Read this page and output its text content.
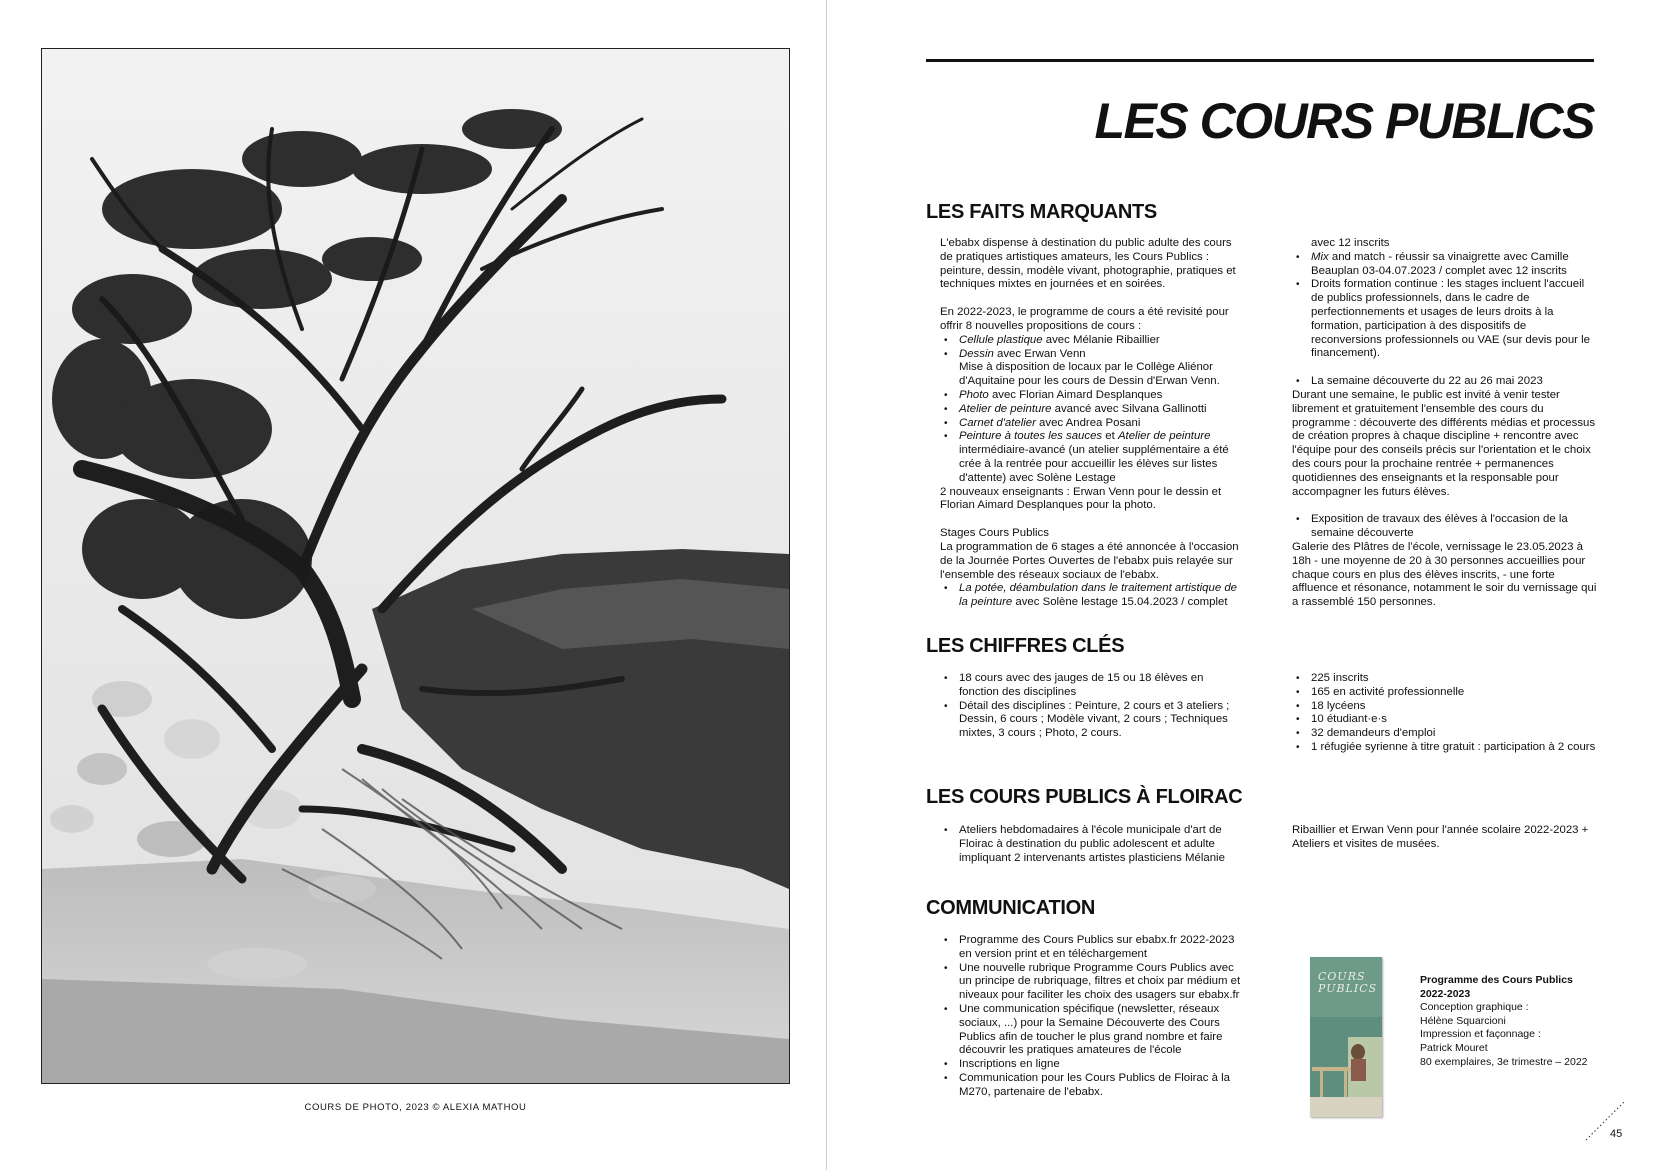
COURS DE PHOTO, 2023 © ALEXIA MATHOU
LES COURS PUBLICS
LES FAITS MARQUANTS

L'ebabx dispense à destination du public adulte des cours de pratiques artistiques amateurs, les Cours Publics : peinture, dessin, modèle vivant, photographie, pratiques et techniques mixtes en journées et en soirées.

En 2022-2023, le programme de cours a été revisité pour offrir 8 nouvelles propositions de cours :

• Cellule plastique avec Mélanie Ribaillier
• Dessin avec Erwan Venn
Mise à disposition de locaux par le Collège Aliénor d'Aquitaine pour les cours de Dessin d'Erwan Venn.
• Photo avec Florian Aimard Desplanques
• Atelier de peinture avancé avec Silvana Gallinotti
• Carnet d'atelier avec Andrea Posani
• Peinture à toutes les sauces et Atelier de peinture intermédiaire-avancé (un atelier supplémentaire a été crée à la rentrée pour accueillir les élèves sur listes d'attente) avec Solène Lestage

2 nouveaux enseignants : Erwan Venn pour le dessin et Florian Aimard Desplanques pour la photo.

Stages Cours Publics

La programmation de 6 stages a été annoncée à l'occasion de la Journée Portes Ouvertes de l'ebabx puis relayée sur l'ensemble des réseaux sociaux de l'ebabx.

• La potée, déambulation dans le traitement artistique de la peinture avec Solène lestage 15.04.2023 / complet

avec 12 inscrits

• Mix and match - réussir sa vinaigrette avec Camille Beauplan 03-04.07.2023 / complet avec 12 inscrits
• Droits formation continue : les stages incluent l'accueil de publics professionnels, dans le cadre de perfectionnements et usages de leurs droits à la formation, participation à des dispositifs de reconversions professionnels ou VAE (sur devis pour le financement).
• La semaine découverte du 22 au 26 mai 2023

Durant une semaine, le public est invité à venir tester librement et gratuitement l'ensemble des cours du programme : découverte des différents médias et processus de création propres à chaque discipline + rencontre avec l'équipe pour des conseils précis sur l'orientation et le choix des cours pour la prochaine rentrée + permanences quotidiennes des enseignants et la responsable pour accompagner les futurs élèves.

• Exposition de travaux des élèves à l'occasion de la semaine découverte

Galerie des Plâtres de l'école, vernissage le 23.05.2023 à 18h - une moyenne de 20 à 30 personnes accueillies pour chaque cours en plus des élèves inscrits, - une forte affluence et résonance, notamment le soir du vernissage qui a rassemblé 150 personnes.

LES CHIFFRES CLÉS
• 18 cours avec des jauges de 15 ou 18 élèves en fonction des disciplines
• Détail des disciplines : Peinture, 2 cours et 3 ateliers ; Dessin, 6 cours ; Modèle vivant, 2 cours ; Techniques mixtes, 3 cours ; Photo, 2 cours.
• 225 inscrits
• 165 en activité professionnelle
• 18 lycéens
• 10 étudiant·e·s
• 32 demandeurs d'emploi
• 1 réfugiée syrienne à titre gratuit : participation à 2 cours
LES COURS PUBLICS À FLOIRAC
• Ateliers hebdomadaires à l'école municipale d'art de Floirac à destination du public adolescent et adulte impliquant 2 intervenants artistes plasticiens Mélanie

Ribaillier et Erwan Venn pour l'année scolaire 2022-2023 + Ateliers et visites de musées.

COMMUNICATION
• Programme des Cours Publics sur ebabx.fr 2022-2023 en version print et en téléchargement
• Une nouvelle rubrique Programme Cours Publics avec un principe de rubriquage, filtres et choix par médium et niveaux pour faciliter les choix des usagers sur ebabx.fr
• Une communication spécifique (newsletter, réseaux sociaux, ...) pour la Semaine Découverte des Cours Publics afin de toucher le plus grand nombre et faire découvrir les pratiques amateures de l'école
• Inscriptions en ligne
• Communication pour les Cours Publics de Floirac à la M270, partenaire de l'ebabx.
COURS PUBLICS
Programme des Cours Publics 2022-2023
Conception graphique :
Hélène Squarcioni
Impression et façonnage :
Patrick Mouret
80 exemplaires, 3e trimestre – 2022
45
